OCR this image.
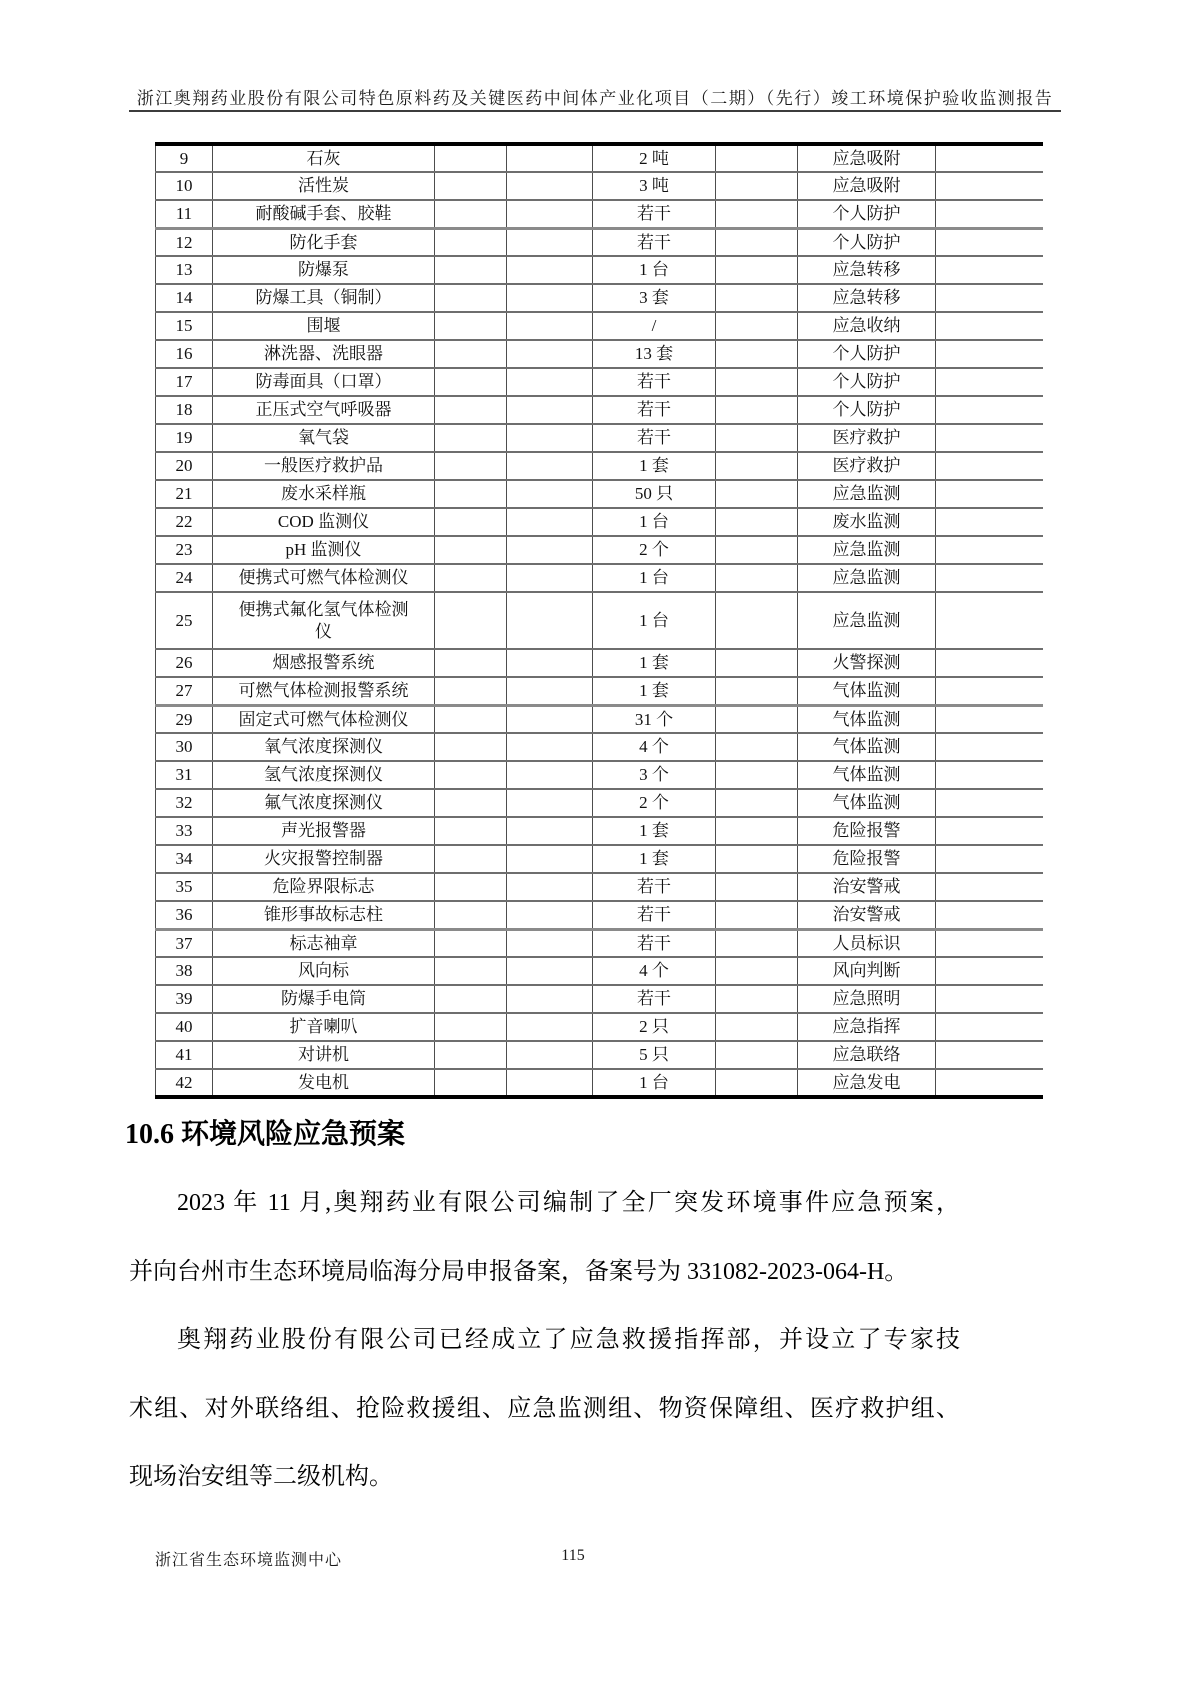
浙江奥翔药业股份有限公司特色原料药及关键医药中间体产业化项目（二期）（先行）竣工环境保护验收监测报告
9	石灰			2 吨		应急吸附	
10	活性炭			3 吨		应急吸附	
11	耐酸碱手套、胶鞋			若干		个人防护	
12	防化手套			若干		个人防护	
13	防爆泵			1 台		应急转移	
14	防爆工具（铜制）			3 套		应急转移	
15	围堰			/		应急收纳	
16	淋洗器、洗眼器			13 套		个人防护	
17	防毒面具（口罩）			若干		个人防护	
18	正压式空气呼吸器			若干		个人防护	
19	氧气袋			若干		医疗救护	
20	一般医疗救护品			1 套		医疗救护	
21	废水采样瓶			50 只		应急监测	
22	COD 监测仪			1 台		废水监测	
23	pH 监测仪			2 个		应急监测	
24	便携式可燃气体检测仪			1 台		应急监测	
25	便携式氟化氢气体检测仪			1 台		应急监测	
26	烟感报警系统			1 套		火警探测	
27	可燃气体检测报警系统			1 套		气体监测	
29	固定式可燃气体检测仪			31 个		气体监测	
30	氧气浓度探测仪			4 个		气体监测	
31	氢气浓度探测仪			3 个		气体监测	
32	氟气浓度探测仪			2 个		气体监测	
33	声光报警器			1 套		危险报警	
34	火灾报警控制器			1 套		危险报警	
35	危险界限标志			若干		治安警戒	
36	锥形事故标志柱			若干		治安警戒	
37	标志袖章			若干		人员标识	
38	风向标			4 个		风向判断	
39	防爆手电筒			若干		应急照明	
40	扩音喇叭			2 只		应急指挥	
41	对讲机			5 只		应急联络	
42	发电机			1 台		应急发电	
10.6 环境风险应急预案
2023 年 11 月,奥翔药业有限公司编制了全厂突发环境事件应急预案，
并向台州市生态环境局临海分局申报备案，备案号为 331082-2023-064-H。
奥翔药业股份有限公司已经成立了应急救援指挥部，并设立了专家技
术组、对外联络组、抢险救援组、应急监测组、物资保障组、医疗救护组、
现场治安组等二级机构。
浙江省生态环境监测中心	115
